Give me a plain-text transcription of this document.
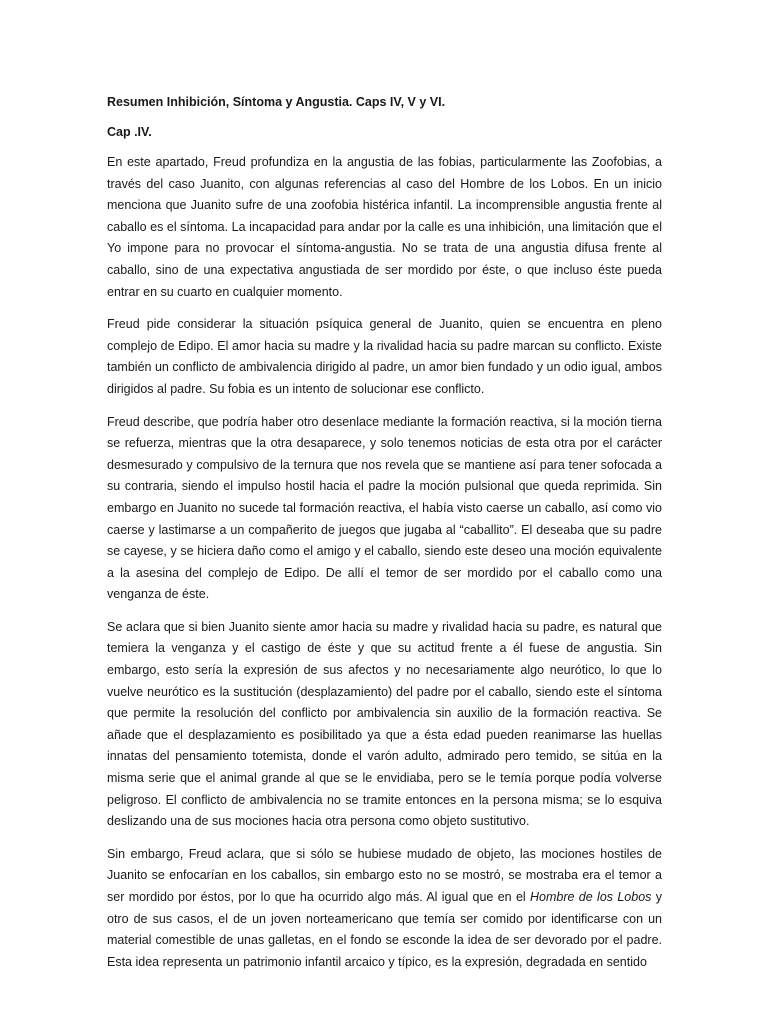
Resumen Inhibición, Síntoma y Angustia. Caps IV, V y VI.
Cap .IV.

En este apartado, Freud profundiza en la angustia de las fobias, particularmente las Zoofobias, a través del caso Juanito, con algunas referencias al caso del Hombre de los Lobos. En un inicio menciona que Juanito sufre de una zoofobia histérica infantil. La incomprensible angustia frente al caballo es el síntoma. La incapacidad para andar por la calle es una inhibición, una limitación que el Yo impone para no provocar el síntoma-angustia. No se trata de una angustia difusa frente al caballo, sino de una expectativa angustiada de ser mordido por éste, o que incluso éste pueda entrar en su cuarto en cualquier momento.

Freud pide considerar la situación psíquica general de Juanito, quien se encuentra en pleno complejo de Edipo. El amor hacia su madre y la rivalidad hacia su padre marcan su conflicto. Existe también un conflicto de ambivalencia dirigido al padre, un amor bien fundado y un odio igual, ambos dirigidos al padre. Su fobia es un intento de solucionar ese conflicto.

Freud describe, que podría haber otro desenlace mediante la formación reactiva, si la moción tierna se refuerza, mientras que la otra desaparece, y solo tenemos noticias de esta otra por el carácter desmesurado y compulsivo de la ternura que nos revela que se mantiene así para tener sofocada a su contraria, siendo el impulso hostil hacia el padre la moción pulsional que queda reprimida. Sin embargo en Juanito no sucede tal formación reactiva, el había visto caerse un caballo, así como vio caerse y lastimarse a un compañerito de juegos que jugaba al “caballito”. El deseaba que su padre se cayese, y se hiciera daño como el amigo y el caballo, siendo este deseo una moción equivalente a la asesina del complejo de Edipo. De allí el temor de ser mordido por el caballo como una venganza de éste.

Se aclara que si bien Juanito siente amor hacia su madre y rivalidad hacia su padre, es natural que temiera la venganza y el castigo de éste y que su actitud frente a él fuese de angustia. Sin embargo, esto sería la expresión de sus afectos y no necesariamente algo neurótico, lo que lo vuelve neurótico es la sustitución (desplazamiento) del padre por el caballo, siendo este el síntoma que permite la resolución del conflicto por ambivalencia sin auxilio de la formación reactiva. Se añade que el desplazamiento es posibilitado ya que a ésta edad pueden reanimarse las huellas innatas del pensamiento totemista, donde el varón adulto, admirado pero temido, se sitúa en la misma serie que el animal grande al que se le envidiaba, pero se le temía porque podía volverse peligroso. El conflicto de ambivalencia no se tramite entonces en la persona misma; se lo esquiva deslizando una de sus mociones hacia otra persona como objeto sustitutivo.

Sin embargo, Freud aclara, que si sólo se hubiese mudado de objeto, las mociones hostiles de Juanito se enfocarían en los caballos, sin embargo esto no se mostró, se mostraba era el temor a ser mordido por éstos, por lo que ha ocurrido algo más. Al igual que en el Hombre de los Lobos y otro de sus casos, el de un joven norteamericano que temía ser comido por identificarse con un material comestible de unas galletas, en el fondo se esconde la idea de ser devorado por el padre. Esta idea representa un patrimonio infantil arcaico y típico, es la expresión, degradada en sentido
